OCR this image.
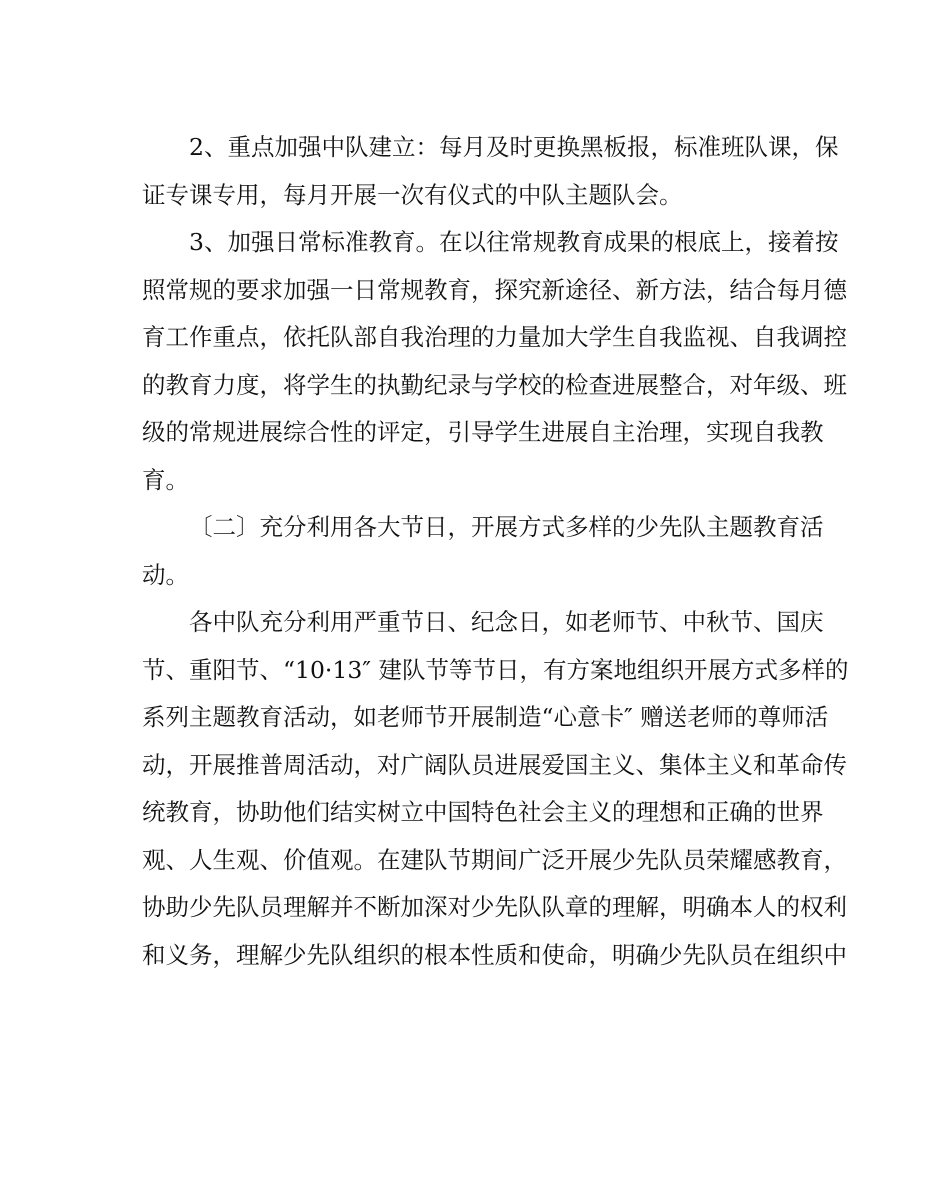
2、重点加强中队建立：每月及时更换黑板报，标准班队课，保
证专课专用，每月开展一次有仪式的中队主题队会。
3、加强日常标准教育。在以往常规教育成果的根底上，接着按
照常规的要求加强一日常规教育，探究新途径、新方法，结合每月德
育工作重点，依托队部自我治理的力量加大学生自我监视、自我调控
的教育力度，将学生的执勤纪录与学校的检查进展整合，对年级、班
级的常规进展综合性的评定，引导学生进展自主治理，实现自我教
育。
〔二〕充分利用各大节日，开展方式多样的少先队主题教育活
动。
各中队充分利用严重节日、纪念日，如老师节、中秋节、国庆
节、重阳节、“10·13″ 建队节等节日，有方案地组织开展方式多样的
系列主题教育活动，如老师节开展制造“心意卡″ 赠送老师的尊师活
动，开展推普周活动，对广阔队员进展爱国主义、集体主义和革命传
统教育，协助他们结实树立中国特色社会主义的理想和正确的世界
观、人生观、价值观。在建队节期间广泛开展少先队员荣耀感教育，
协助少先队员理解并不断加深对少先队队章的理解，明确本人的权利
和义务，理解少先队组织的根本性质和使命，明确少先队员在组织中
